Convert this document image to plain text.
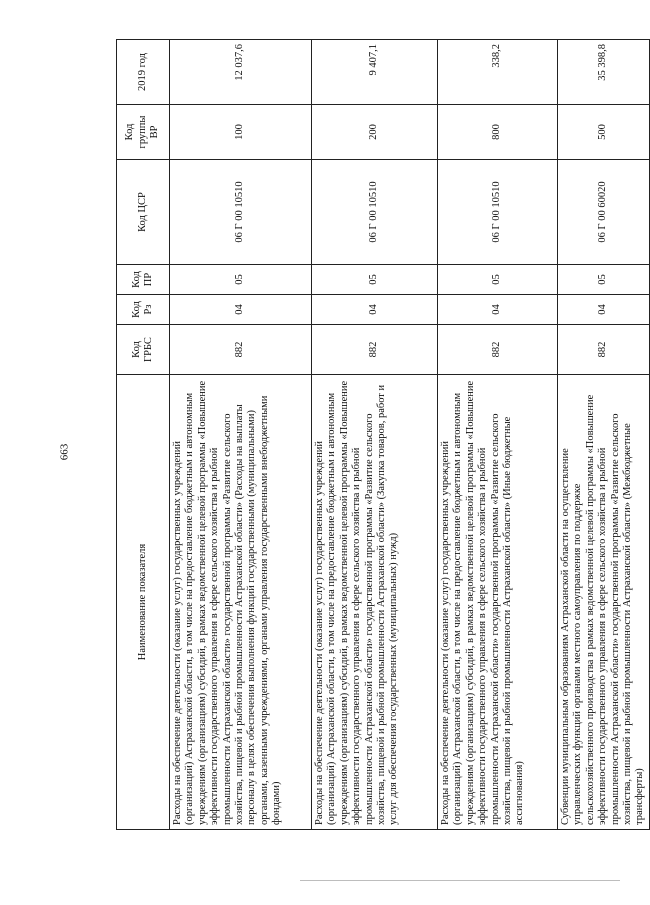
663
Наименование показателя	Код ГРБС	Код Рз	Код ПР	Код ЦСР	Код группы ВР	2019 год
Расходы на обеспечение деятельности (оказание услуг) государственных учреждений (организаций) Астраханской области, в том числе на предоставление бюджетным и автономным учреждениям (организациям) субсидий, в рамках ведомственной целевой программы «Повышение эффективности государственного управления в сфере сельского хозяйства и рыбной промышленности Астраханской области» государственной программы «Развитие сельского хозяйства, пищевой и рыбной промышленности Астраханской области» (Расходы на выплаты персоналу в целях обеспечения выполнения функций государственными (муниципальными) органами, казенными учреждениями, органами управления государственными внебюджетными фондами)	882	04	05	06 Г 00 10510	100	12 037,6
Расходы на обеспечение деятельности (оказание услуг) государственных учреждений (организаций) Астраханской области, в том числе на предоставление бюджетным и автономным учреждениям (организациям) субсидий, в рамках ведомственной целевой программы «Повышение эффективности государственного управления в сфере сельского хозяйства и рыбной промышленности Астраханской области» государственной программы «Развитие сельского хозяйства, пищевой и рыбной промышленности Астраханской области» (Закупка товаров, работ и услуг для обеспечения государственных (муниципальных) нужд)	882	04	05	06 Г 00 10510	200	9 407,1
Расходы на обеспечение деятельности (оказание услуг) государственных учреждений (организаций) Астраханской области, в том числе на предоставление бюджетным и автономным учреждениям (организациям) субсидий, в рамках ведомственной целевой программы «Повышение эффективности государственного управления в сфере сельского хозяйства и рыбной промышленности Астраханской области» государственной программы «Развитие сельского хозяйства, пищевой и рыбной промышленности Астраханской области» (Иные бюджетные ассигнования)	882	04	05	06 Г 00 10510	800	338,2
Субвенции муниципальным образованиям Астраханской области на осуществление управленческих функций органами местного самоуправления по поддержке сельскохозяйственного производства в рамках ведомственной целевой программы «Повышение эффективности государственного управления в сфере сельского хозяйства и рыбной промышленности Астраханской области» государственной программы «Развитие сельского хозяйства, пищевой и рыбной промышленности Астраханской области» (Межбюджетные трансферты)	882	04	05	06 Г 00 60020	500	35 398,8
